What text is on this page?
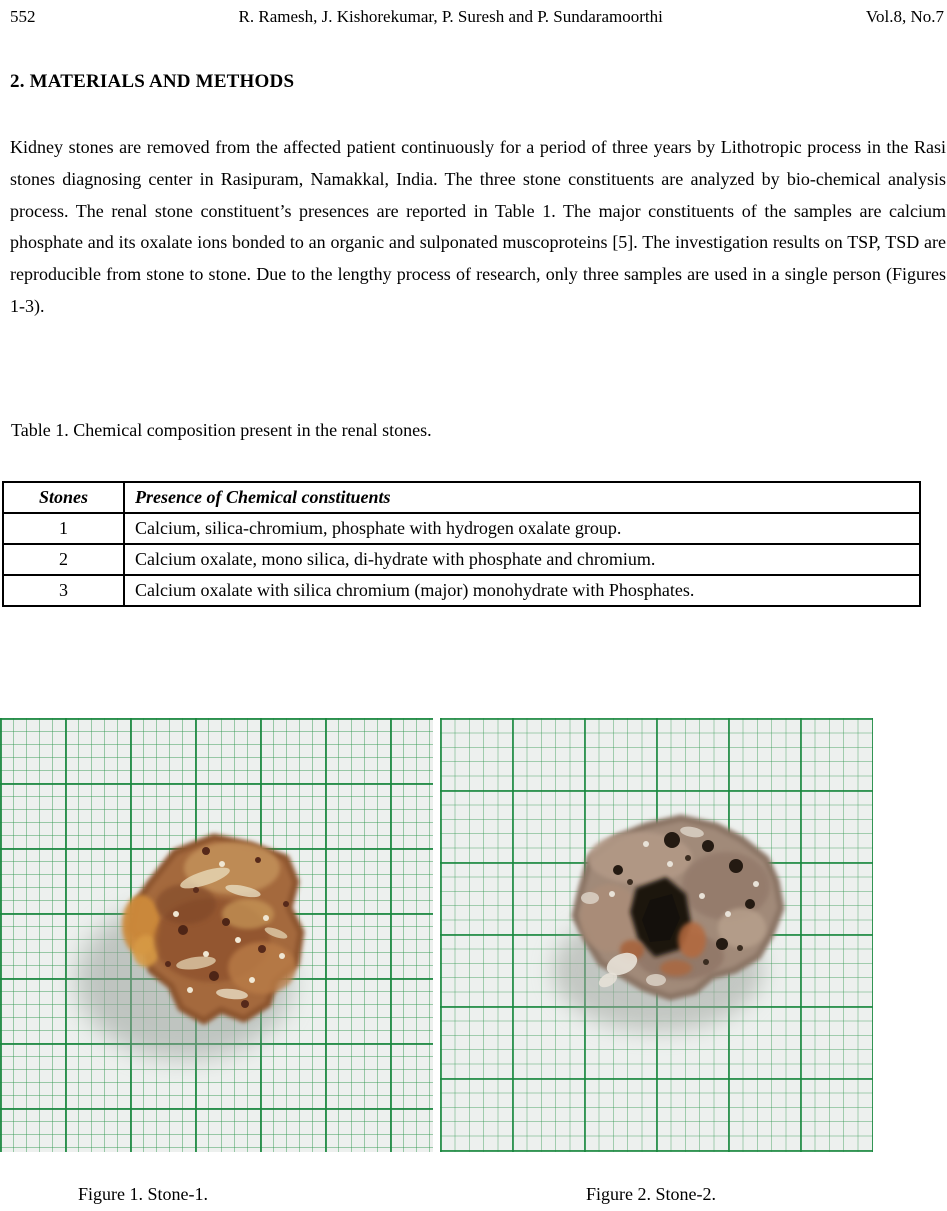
552	R. Ramesh, J. Kishorekumar, P. Suresh and P. Sundaramoorthi	Vol.8, No.7
2. MATERIALS AND METHODS
Kidney stones are removed from the affected patient continuously for a period of three years by Lithotropic process in the Rasi stones diagnosing center in Rasipuram, Namakkal, India. The three stone constituents are analyzed by bio-chemical analysis process. The renal stone constituent’s presences are reported in Table 1. The major constituents of the samples are calcium phosphate and its oxalate ions bonded to an organic and sulponated muscoproteins [5]. The investigation results on TSP, TSD are reproducible from stone to stone. Due to the lengthy process of research, only three samples are used in a single person (Figures 1-3).
Table 1. Chemical composition present in the renal stones.
Stones	Presence of Chemical constituents
1	Calcium, silica-chromium, phosphate with hydrogen oxalate group.
2	Calcium oxalate, mono silica, di-hydrate with phosphate and chromium.
3	Calcium oxalate with silica chromium (major) monohydrate with Phosphates.
Figure 1. Stone-1.	Figure 2. Stone-2.
